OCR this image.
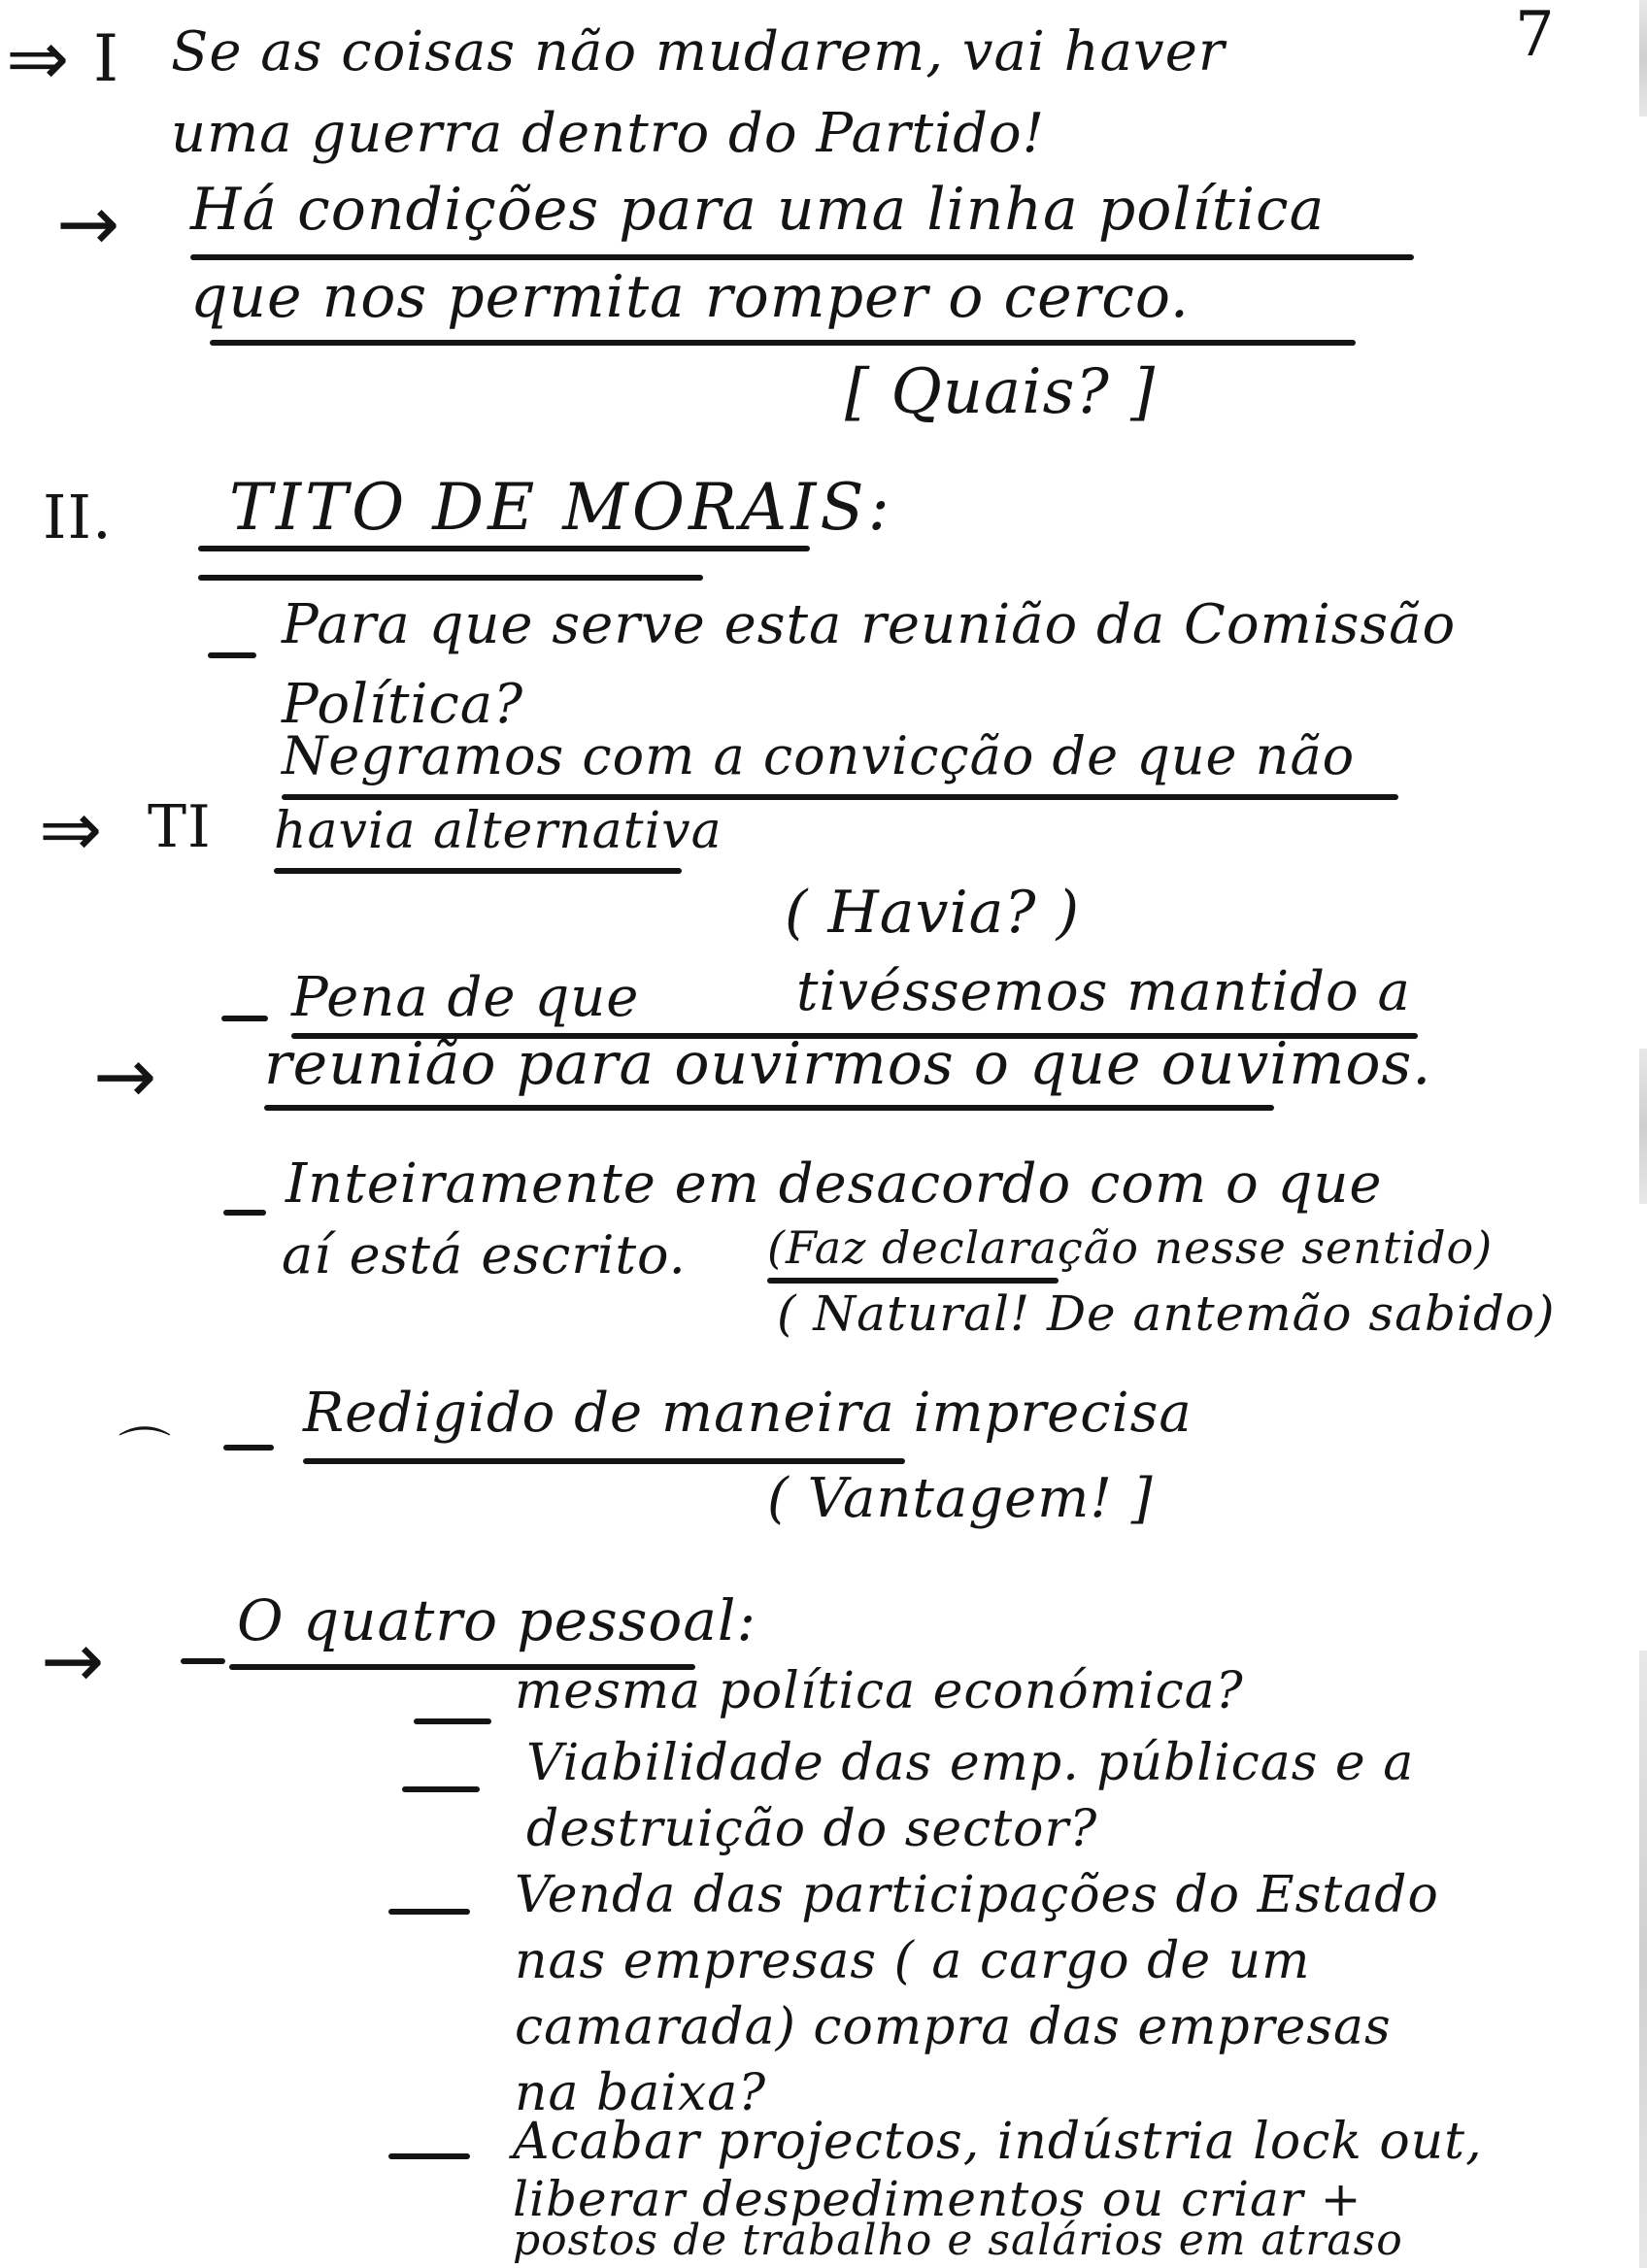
7
⇒ I Se as coisas não mudarem, vai haver
uma guerra dentro do Partido!
→ Há condições para uma linha política
que nos permita romper o cerco.
[ Quais? ]
II. TITO DE MORAIS:
Para que serve esta reunião da Comissão
Política?
Negramos com a convicção de que não
⇒ TI havia alternativa
( Havia? )
Pena de que	tivéssemos mantido a
→ reunião para ouvirmos o que ouvimos.
Inteiramente em desacordo com o que
aí está escrito. (Faz declaração nesse sentido)
( Natural! De antemão sabido)
⌒
Redigido de maneira imprecisa
( Vantagem! ]
→ O quatro pessoal:
mesma política económica?
Viabilidade das emp. públicas e a
destruição do sector?
Venda das participações do Estado
nas empresas ( a cargo de um
camarada) compra das empresas
na baixa?
Acabar projectos, indústria lock out,
liberar despedimentos ou criar +
postos de trabalho e salários em atraso
